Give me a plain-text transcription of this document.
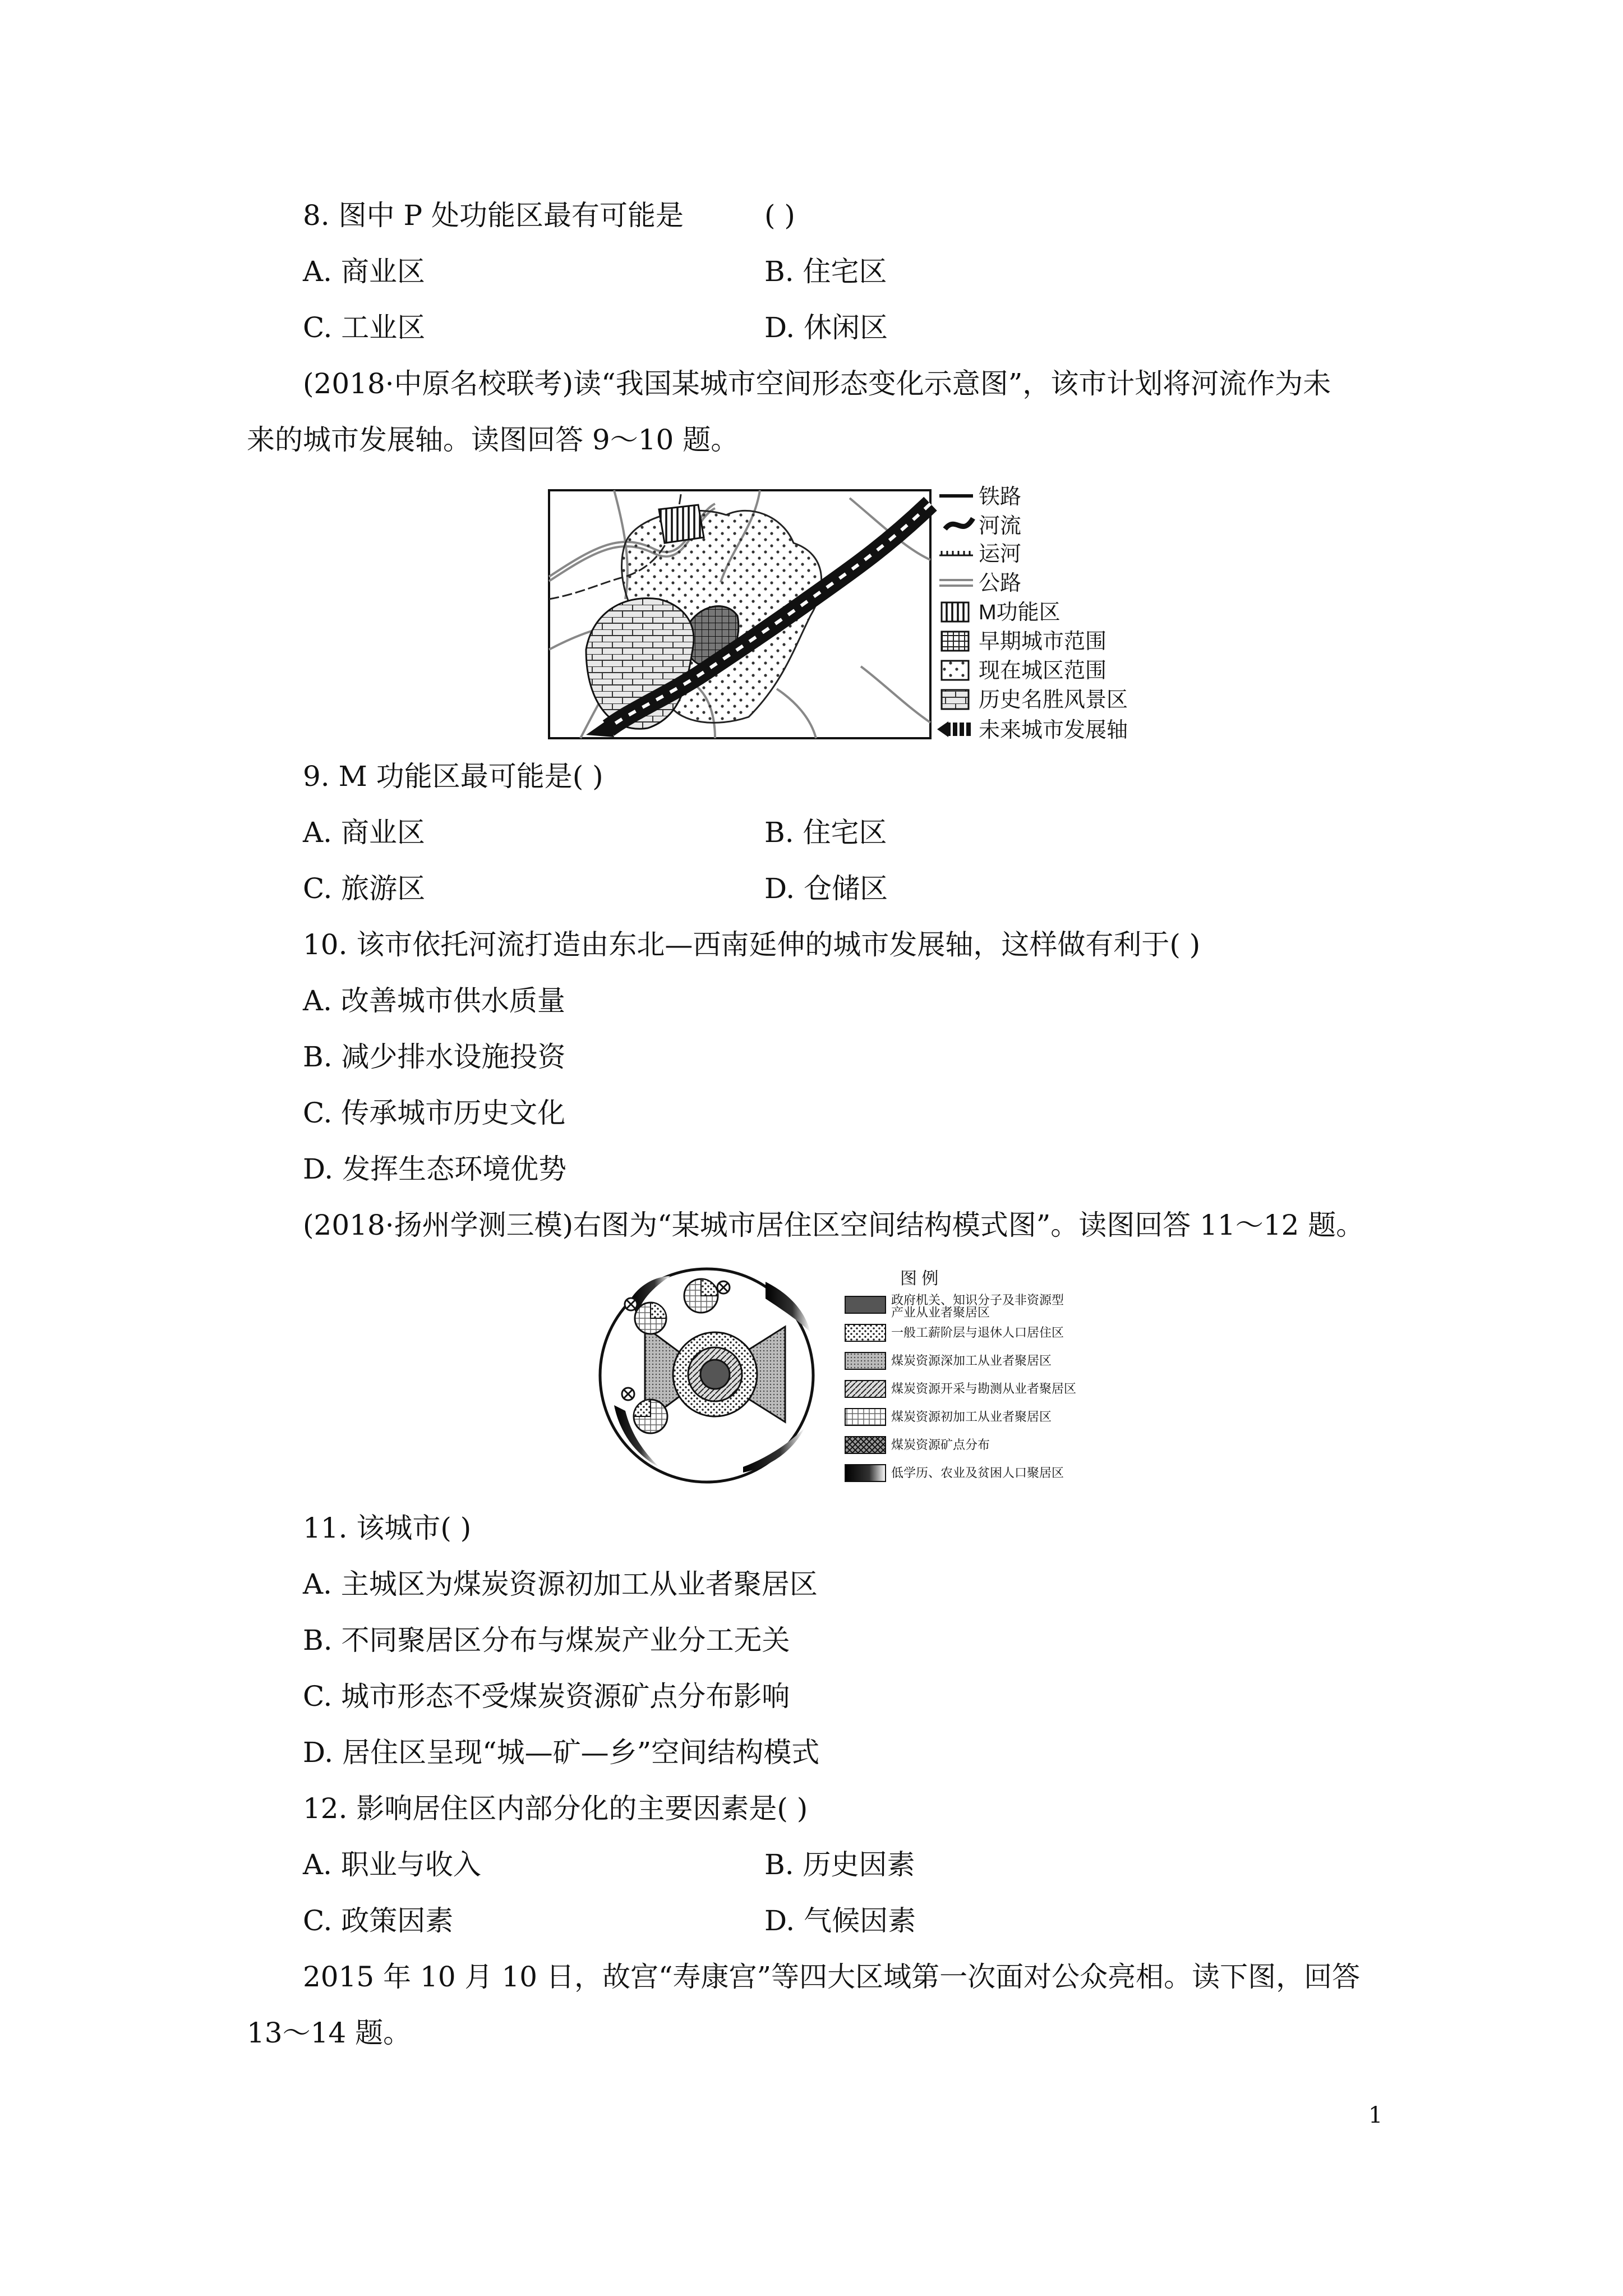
8. 图中 P 处功能区最有可能是	( )
A. 商业区	B. 住宅区
C. 工业区	D. 休闲区
(2018·中原名校联考)读“我国某城市空间形态变化示意图”，该市计划将河流作为未
来的城市发展轴。读图回答 9～10 题。
铁路
河流
运河
公路
M功能区
早期城市范围
现在城区范围
历史名胜风景区
未来城市发展轴
9. M 功能区最可能是( )
A. 商业区	B. 住宅区
C. 旅游区	D. 仓储区
10. 该市依托河流打造由东北—西南延伸的城市发展轴，这样做有利于( )
A. 改善城市供水质量
B. 减少排水设施投资
C. 传承城市历史文化
D. 发挥生态环境优势
(2018·扬州学测三模)右图为“某城市居住区空间结构模式图”。读图回答 11～12 题。
图 例
政府机关、知识分子及非资源型
产业从业者聚居区
一般工薪阶层与退休人口居住区
煤炭资源深加工从业者聚居区
煤炭资源开采与勘测从业者聚居区
煤炭资源初加工从业者聚居区
煤炭资源矿点分布
低学历、农业及贫困人口聚居区
11. 该城市( )
A. 主城区为煤炭资源初加工从业者聚居区
B. 不同聚居区分布与煤炭产业分工无关
C. 城市形态不受煤炭资源矿点分布影响
D. 居住区呈现“城—矿—乡”空间结构模式
12. 影响居住区内部分化的主要因素是( )
A. 职业与收入	B. 历史因素
C. 政策因素	D. 气候因素
2015 年 10 月 10 日，故宫“寿康宫”等四大区域第一次面对公众亮相。读下图，回答
13～14 题。
1
